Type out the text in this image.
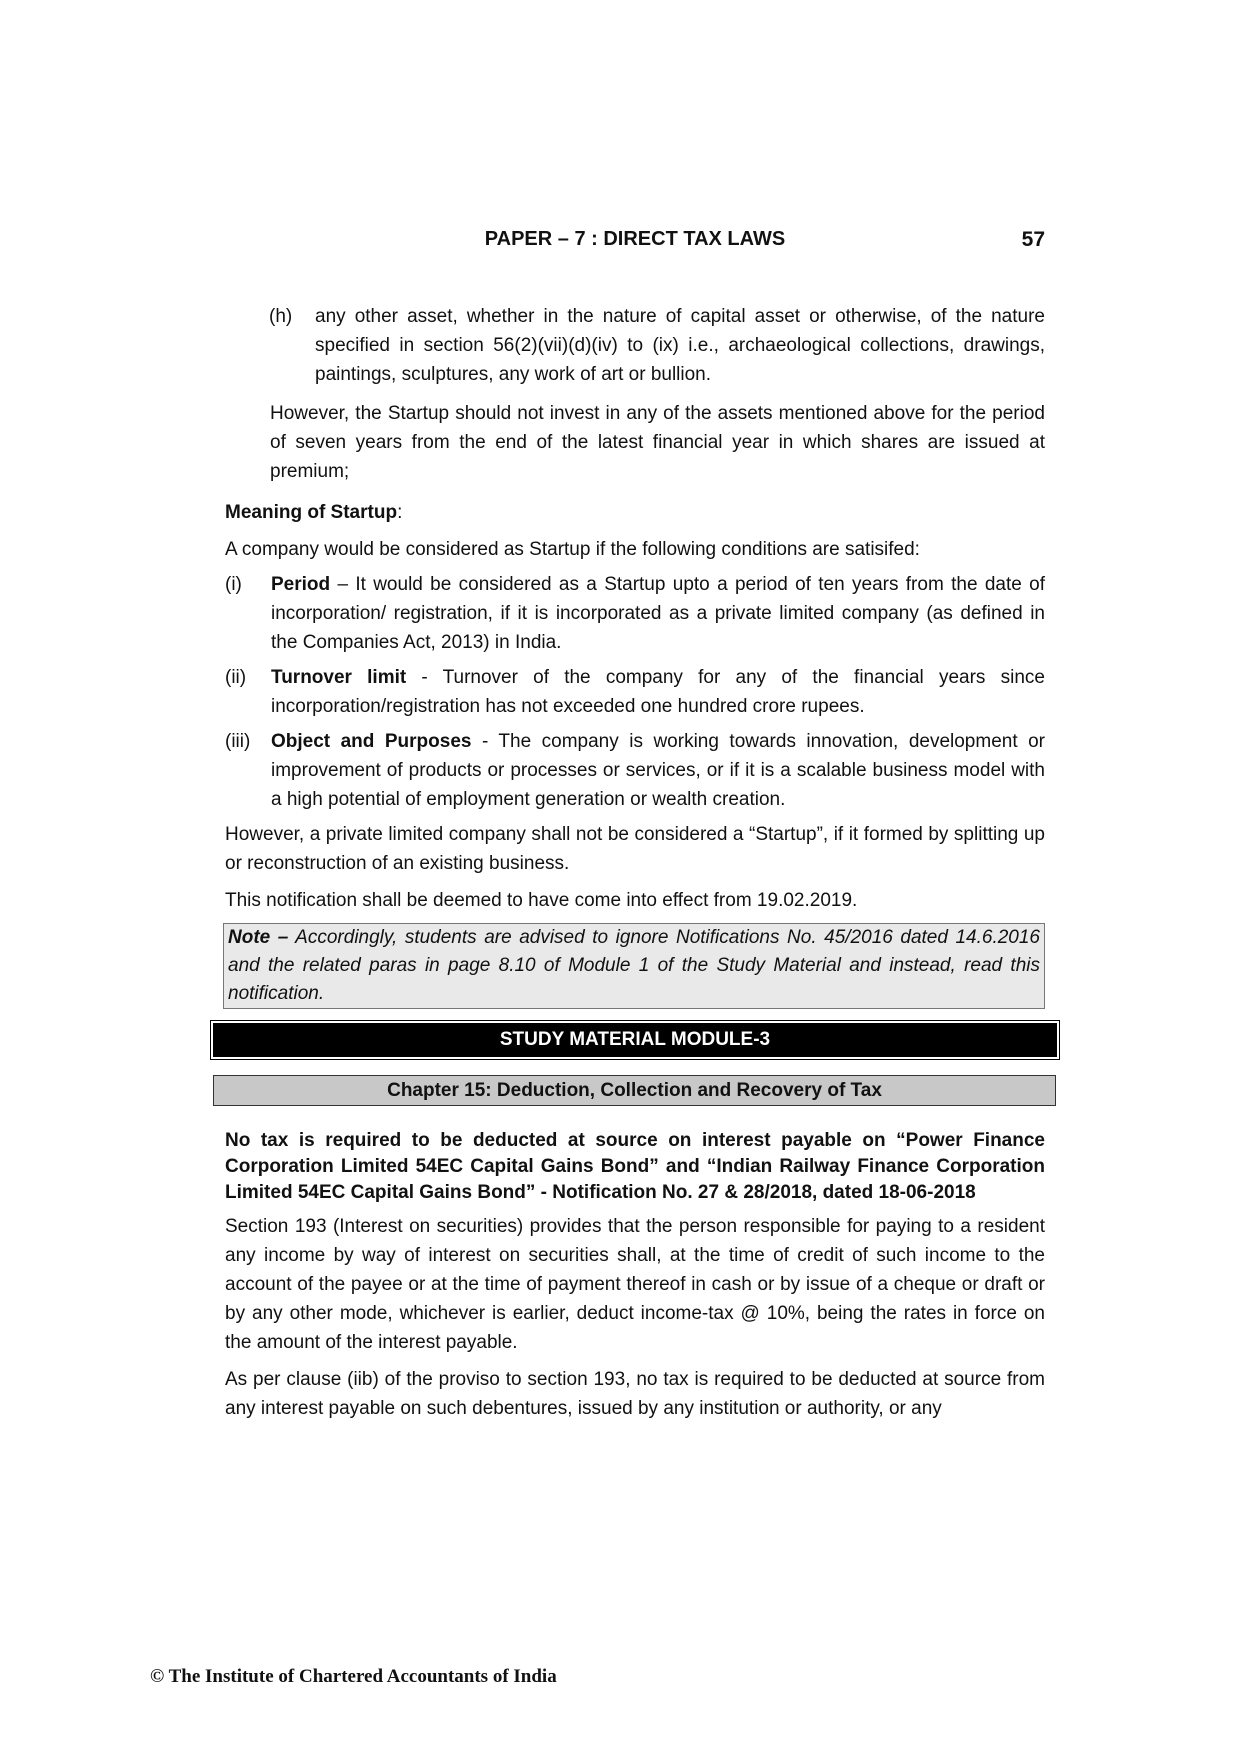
PAPER – 7 : DIRECT TAX LAWS	57
(h)	any other asset, whether in the nature of capital asset or otherwise, of the nature specified in section 56(2)(vii)(d)(iv) to (ix) i.e., archaeological collections, drawings, paintings, sculptures, any work of art or bullion.

However, the Startup should not invest in any of the assets mentioned above for the period of seven years from the end of the latest financial year in which shares are issued at premium;

Meaning of Startup:

A company would be considered as Startup if the following conditions are satisifed:

(i)	Period – It would be considered as a Startup upto a period of ten years from the date of incorporation/ registration, if it is incorporated as a private limited company (as defined in the Companies Act, 2013) in India.
(ii)	Turnover limit - Turnover of the company for any of the financial years since incorporation/registration has not exceeded one hundred crore rupees.
(iii)	Object and Purposes - The company is working towards innovation, development or improvement of products or processes or services, or if it is a scalable business model with a high potential of employment generation or wealth creation.

However, a private limited company shall not be considered a “Startup”, if it formed by splitting up or reconstruction of an existing business.

This notification shall be deemed to have come into effect from 19.02.2019.

Note – Accordingly, students are advised to ignore Notifications No. 45/2016 dated 14.6.2016 and the related paras in page 8.10 of Module 1 of the Study Material and instead, read this notification.
STUDY MATERIAL MODULE-3
Chapter 15: Deduction, Collection and Recovery of Tax

No tax is required to be deducted at source on interest payable on “Power Finance Corporation Limited 54EC Capital Gains Bond” and “Indian Railway Finance Corporation Limited 54EC Capital Gains Bond” - Notification No. 27 & 28/2018, dated 18-06-2018

Section 193 (Interest on securities) provides that the person responsible for paying to a resident any income by way of interest on securities shall, at the time of credit of such income to the account of the payee or at the time of payment thereof in cash or by issue of a cheque or draft or by any other mode, whichever is earlier, deduct income-tax @ 10%, being the rates in force on the amount of the interest payable.

As per clause (iib) of the proviso to section 193, no tax is required to be deducted at source from any interest payable on such debentures, issued by any institution or authority, or any

© The Institute of Chartered Accountants of India
